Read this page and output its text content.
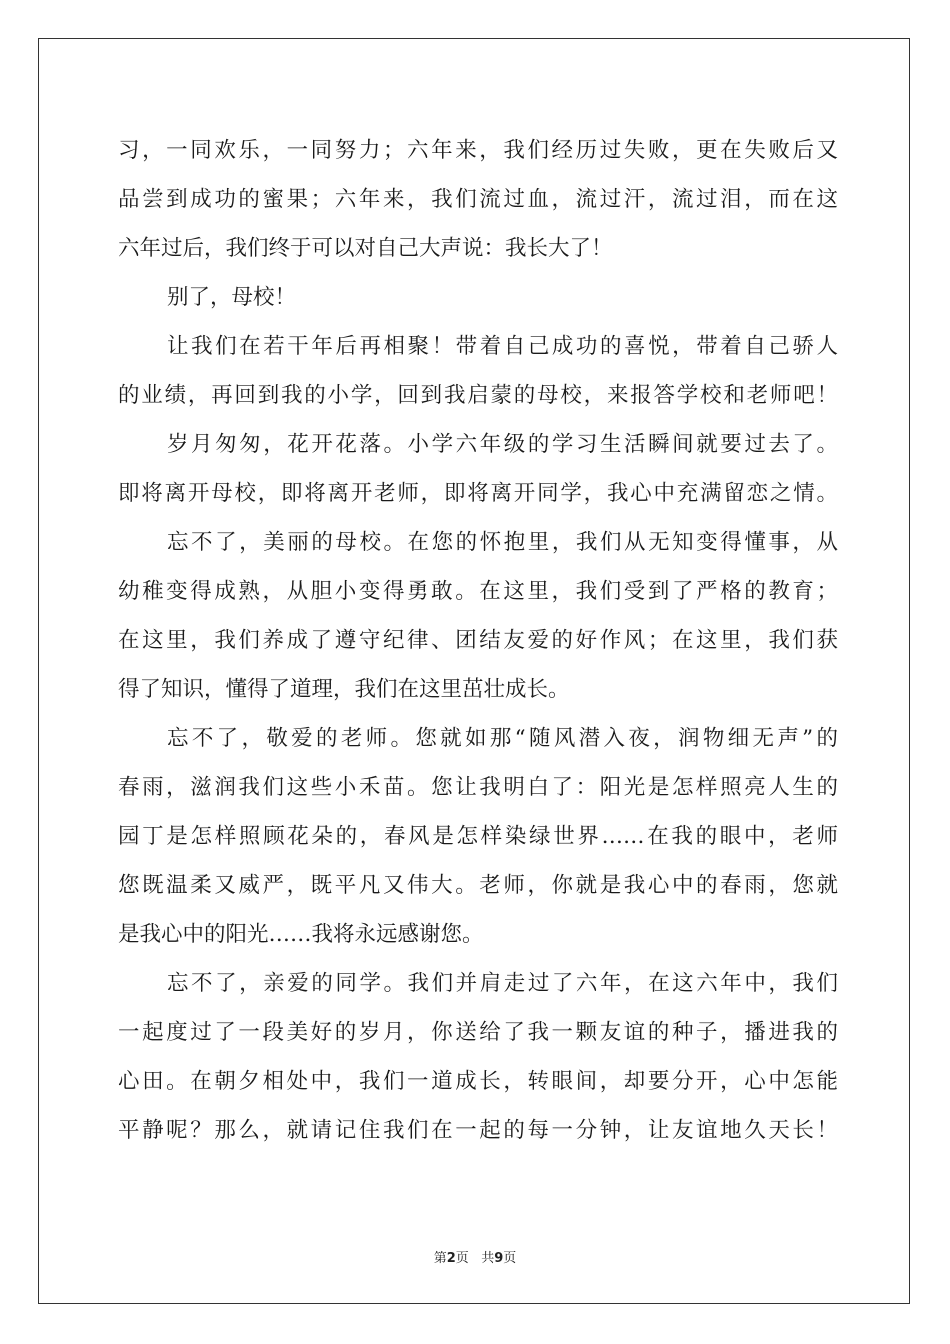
习，一同欢乐，一同努力；六年来，我们经历过失败，更在失败后又
品尝到成功的蜜果；六年来，我们流过血，流过汗，流过泪，而在这
六年过后，我们终于可以对自己大声说：我长大了！
别了，母校！
让我们在若干年后再相聚！带着自己成功的喜悦，带着自己骄人
的业绩，再回到我的小学，回到我启蒙的母校，来报答学校和老师吧！
岁月匆匆，花开花落。小学六年级的学习生活瞬间就要过去了。
即将离开母校，即将离开老师，即将离开同学，我心中充满留恋之情。
忘不了，美丽的母校。在您的怀抱里，我们从无知变得懂事，从
幼稚变得成熟，从胆小变得勇敢。在这里，我们受到了严格的教育；
在这里，我们养成了遵守纪律、团结友爱的好作风；在这里，我们获
得了知识，懂得了道理，我们在这里茁壮成长。
忘不了，敬爱的老师。您就如那“随风潜入夜，润物细无声”的
春雨，滋润我们这些小禾苗。您让我明白了：阳光是怎样照亮人生的
园丁是怎样照顾花朵的，春风是怎样染绿世界……在我的眼中，老师
您既温柔又威严，既平凡又伟大。老师，你就是我心中的春雨，您就
是我心中的阳光……我将永远感谢您。
忘不了，亲爱的同学。我们并肩走过了六年，在这六年中，我们
一起度过了一段美好的岁月，你送给了我一颗友谊的种子，播进我的
心田。在朝夕相处中，我们一道成长，转眼间，却要分开，心中怎能
平静呢？那么，就请记住我们在一起的每一分钟，让友谊地久天长！
第2页 共9页
